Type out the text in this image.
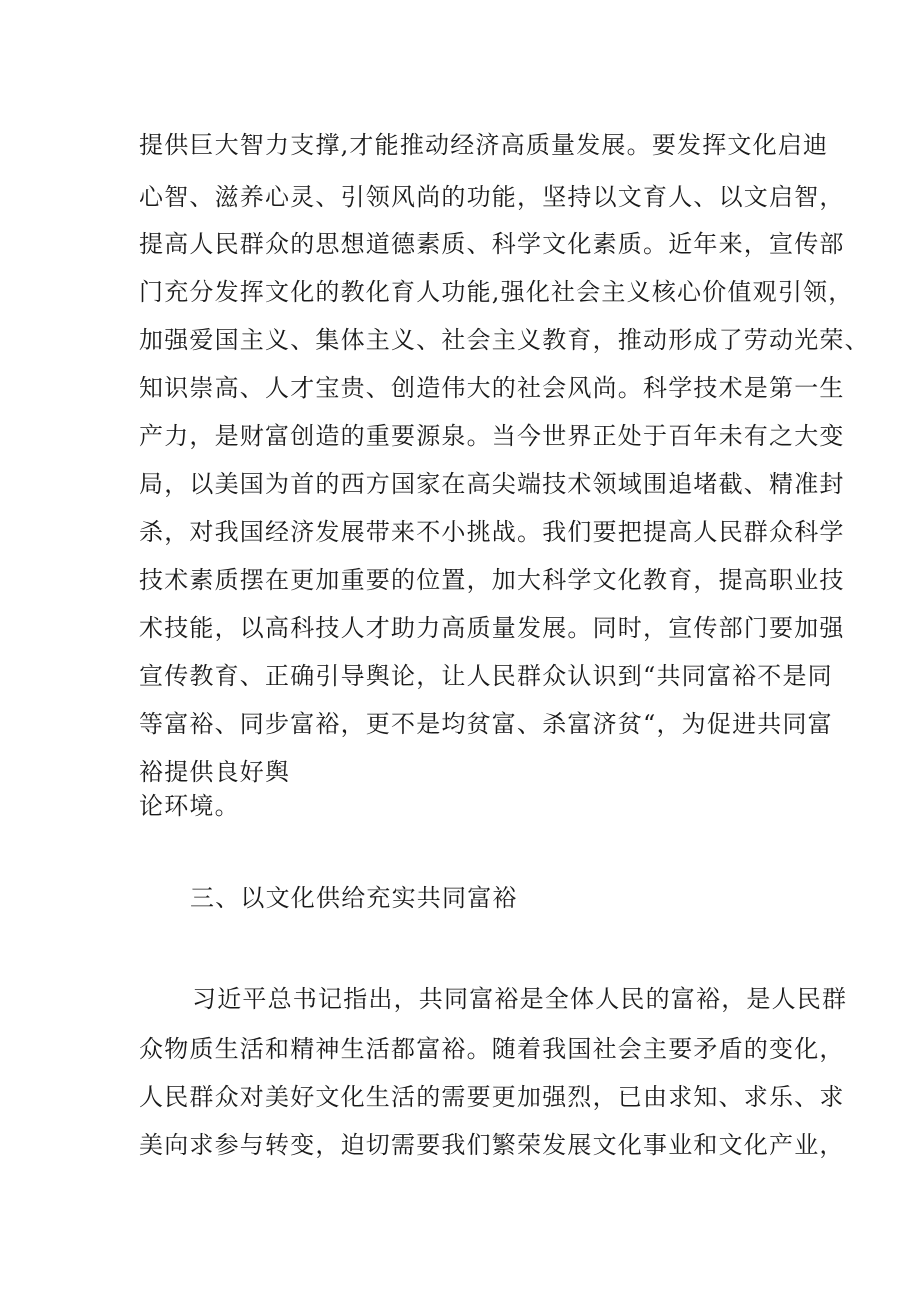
提供巨大智力支撑,才能推动经济高质量发展。要发挥文化启迪
心智、滋养心灵、引领风尚的功能，坚持以文育人、以文启智，
提高人民群众的思想道德素质、科学文化素质。近年来，宣传部
门充分发挥文化的教化育人功能,强化社会主义核心价值观引领，
加强爱国主义、集体主义、社会主义教育，推动形成了劳动光荣、
知识崇高、人才宝贵、创造伟大的社会风尚。科学技术是第一生
产力，是财富创造的重要源泉。当今世界正处于百年未有之大变
局，以美国为首的西方国家在高尖端技术领域围追堵截、精准封
杀，对我国经济发展带来不小挑战。我们要把提高人民群众科学
技术素质摆在更加重要的位置，加大科学文化教育，提高职业技
术技能，以高科技人才助力高质量发展。同时，宣传部门要加强
宣传教育、正确引导舆论，让人民群众认识到“共同富裕不是同
等富裕、同步富裕，更不是均贫富、杀富济贫“，为促进共同富
裕提供良好舆
论环境。
三、以文化供给充实共同富裕
习近平总书记指出，共同富裕是全体人民的富裕，是人民群
众物质生活和精神生活都富裕。随着我国社会主要矛盾的变化，
人民群众对美好文化生活的需要更加强烈，已由求知、求乐、求
美向求参与转变，迫切需要我们繁荣发展文化事业和文化产业，
